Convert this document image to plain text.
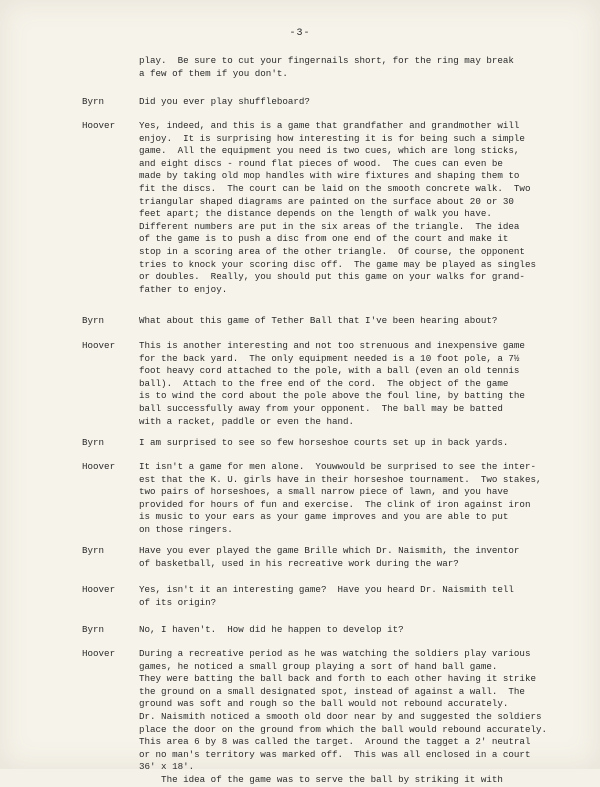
-3-
play.  Be sure to cut your fingernails short, for the ring may break
a few of them if you don't.
Byrn	Did you ever play shuffleboard?
Hoover	Yes, indeed, and this is a game that grandfather and grandmother will
enjoy.  It is surprising how interesting it is for being such a simple
game.  All the equipment you need is two cues, which are long sticks,
and eight discs - round flat pieces of wood.  The cues can even be
made by taking old mop handles with wire fixtures and shaping them to
fit the discs.  The court can be laid on the smooth concrete walk.  Two
triangular shaped diagrams are painted on the surface about 20 or 30
feet apart; the distance depends on the length of walk you have.
Different numbers are put in the six areas of the triangle.  The idea
of the game is to push a disc from one end of the court and make it
stop in a scoring area of the other triangle.  Of course, the opponent
tries to knock your scoring disc off.  The game may be played as singles
or doubles.  Really, you should put this game on your walks for grand-
father to enjoy.
Byrn	What about this game of Tether Ball that I've been hearing about?
Hoover	This is another interesting and not too strenuous and inexpensive game
for the back yard.  The only equipment needed is a 10 foot pole, a 7½
foot heavy cord attached to the pole, with a ball (even an old tennis
ball).  Attach to the free end of the cord.  The object of the game
is to wind the cord about the pole above the foul line, by batting the
ball successfully away from your opponent.  The ball may be batted
with a racket, paddle or even the hand.
Byrn	I am surprised to see so few horseshoe courts set up in back yards.
Hoover	It isn't a game for men alone.  Youwwould be surprised to see the inter-
est that the K. U. girls have in their horseshoe tournament.  Two stakes,
two pairs of horseshoes, a small narrow piece of lawn, and you have
provided for hours of fun and exercise.  The clink of iron against iron
is music to your ears as your game improves and you are able to put
on those ringers.
Byrn	Have you ever played the game Brille which Dr. Naismith, the inventor
of basketball, used in his recreative work during the war?
Hoover	Yes, isn't it an interesting game?  Have you heard Dr. Naismith tell
of its origin?
Byrn	No, I haven't.  How did he happen to develop it?
Hoover	During a recreative period as he was watching the soldiers play various
games, he noticed a small group playing a sort of hand ball game.
They were batting the ball back and forth to each other having it strike
the ground on a small designated spot, instead of against a wall.  The
ground was soft and rough so the ball would not rebound accurately.
Dr. Naismith noticed a smooth old door near by and suggested the soldiers
place the door on the ground from which the ball would rebound accurately.
This area 6 by 8 was called the target.  Around the tagget a 2' neutral
or no man's territory was marked off.  This was all enclosed in a court
36' x 18'.
The idea of the game was to serve the ball by striking it with
